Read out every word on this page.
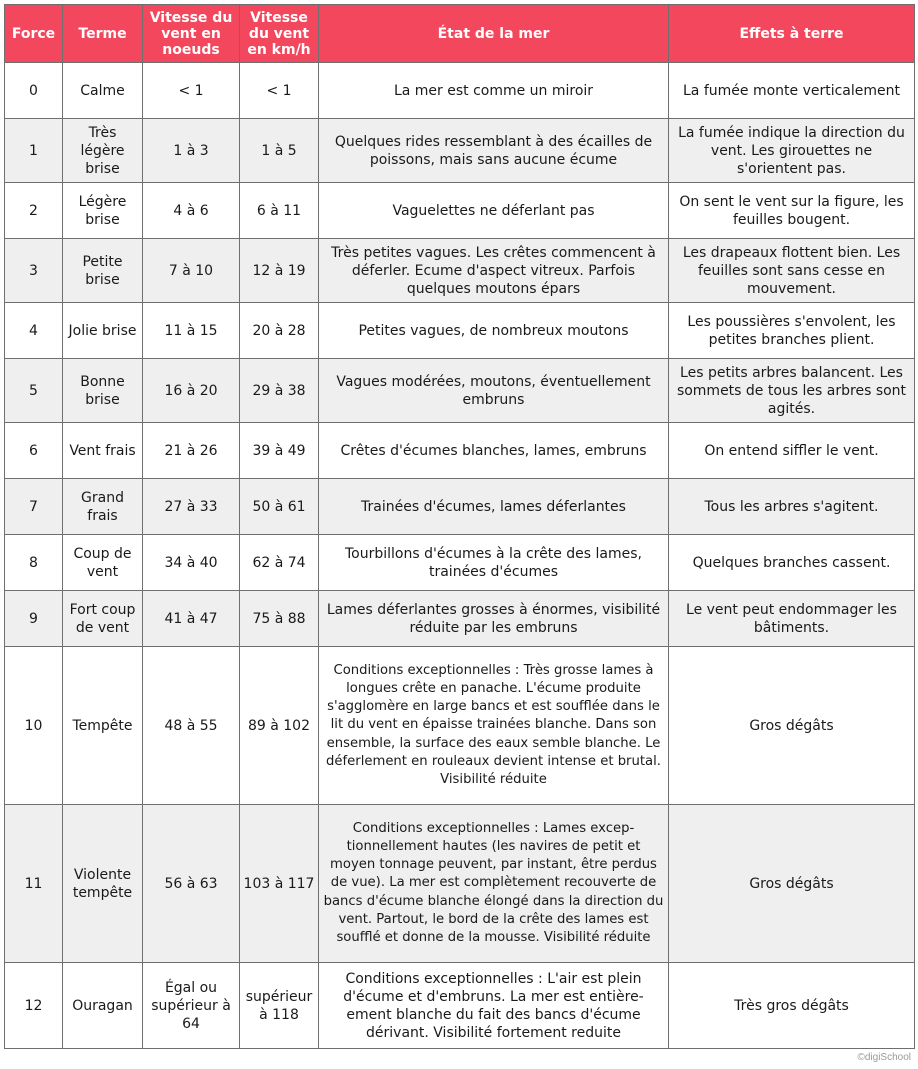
Force	Terme	Vitesse du vent en noeuds	Vitesse du vent en km/h	État de la mer	Effets à terre
0	Calme	< 1	< 1	La mer est comme un miroir	La fumée monte verticalement
1	Très légère brise	1 à 3	1 à 5	Quelques rides ressemblant à des écailles de poissons, mais sans aucune écume	La fumée indique la direction du vent. Les girouettes ne s'orientent pas.
2	Légère brise	4 à 6	6 à 11	Vaguelettes ne déferlant pas	On sent le vent sur la figure, les feuilles bougent.
3	Petite brise	7 à 10	12 à 19	Très petites vagues. Les crêtes commencent à déferler. Ecume d'aspect vitreux. Parfois quelques moutons épars	Les drapeaux flottent bien. Les feuilles sont sans cesse en mouvement.
4	Jolie brise	11 à 15	20 à 28	Petites vagues, de nombreux moutons	Les poussières s'envolent, les petites branches plient.
5	Bonne brise	16 à 20	29 à 38	Vagues modérées, moutons, éventuellement embruns	Les petits arbres balancent. Les sommets de tous les arbres sont agités.
6	Vent frais	21 à 26	39 à 49	Crêtes d'écumes blanches, lames, embruns	On entend siffler le vent.
7	Grand frais	27 à 33	50 à 61	Trainées d'écumes, lames déferlantes	Tous les arbres s'agitent.
8	Coup de vent	34 à 40	62 à 74	Tourbillons d'écumes à la crête des lames, trainées d'écumes	Quelques branches cassent.
9	Fort coup de vent	41 à 47	75 à 88	Lames déferlantes grosses à énormes, visibilité réduite par les embruns	Le vent peut endommager les bâtiments.
10	Tempête	48 à 55	89 à 102	Conditions exceptionnelles : Très grosse lames à longues crête en panache. L'écume produite s'agglomère en large bancs et est soufflée dans le lit du vent en épaisse trainées blanche. Dans son ensemble, la surface des eaux semble blanche. Le déferlement en rouleaux devient intense et brutal. Visibilité réduite	Gros dégâts
11	Violente tempête	56 à 63	103 à 117	Conditions exceptionnelles : Lames excep- tionnellement hautes (les navires de petit et moyen tonnage peuvent, par instant, être perdus de vue). La mer est complètement recouverte de bancs d'écume blanche élongé dans la direction du vent. Partout, le bord de la crête des lames est soufflé et donne de la mousse. Visibilité réduite	Gros dégâts
12	Ouragan	Égal ou supérieur à 64	supérieur à 118	Conditions exceptionnelles : L'air est plein d'écume et d'embruns. La mer est entière- ement blanche du fait des bancs d'écume dérivant. Visibilité fortement reduite	Très gros dégâts
©digiSchool
